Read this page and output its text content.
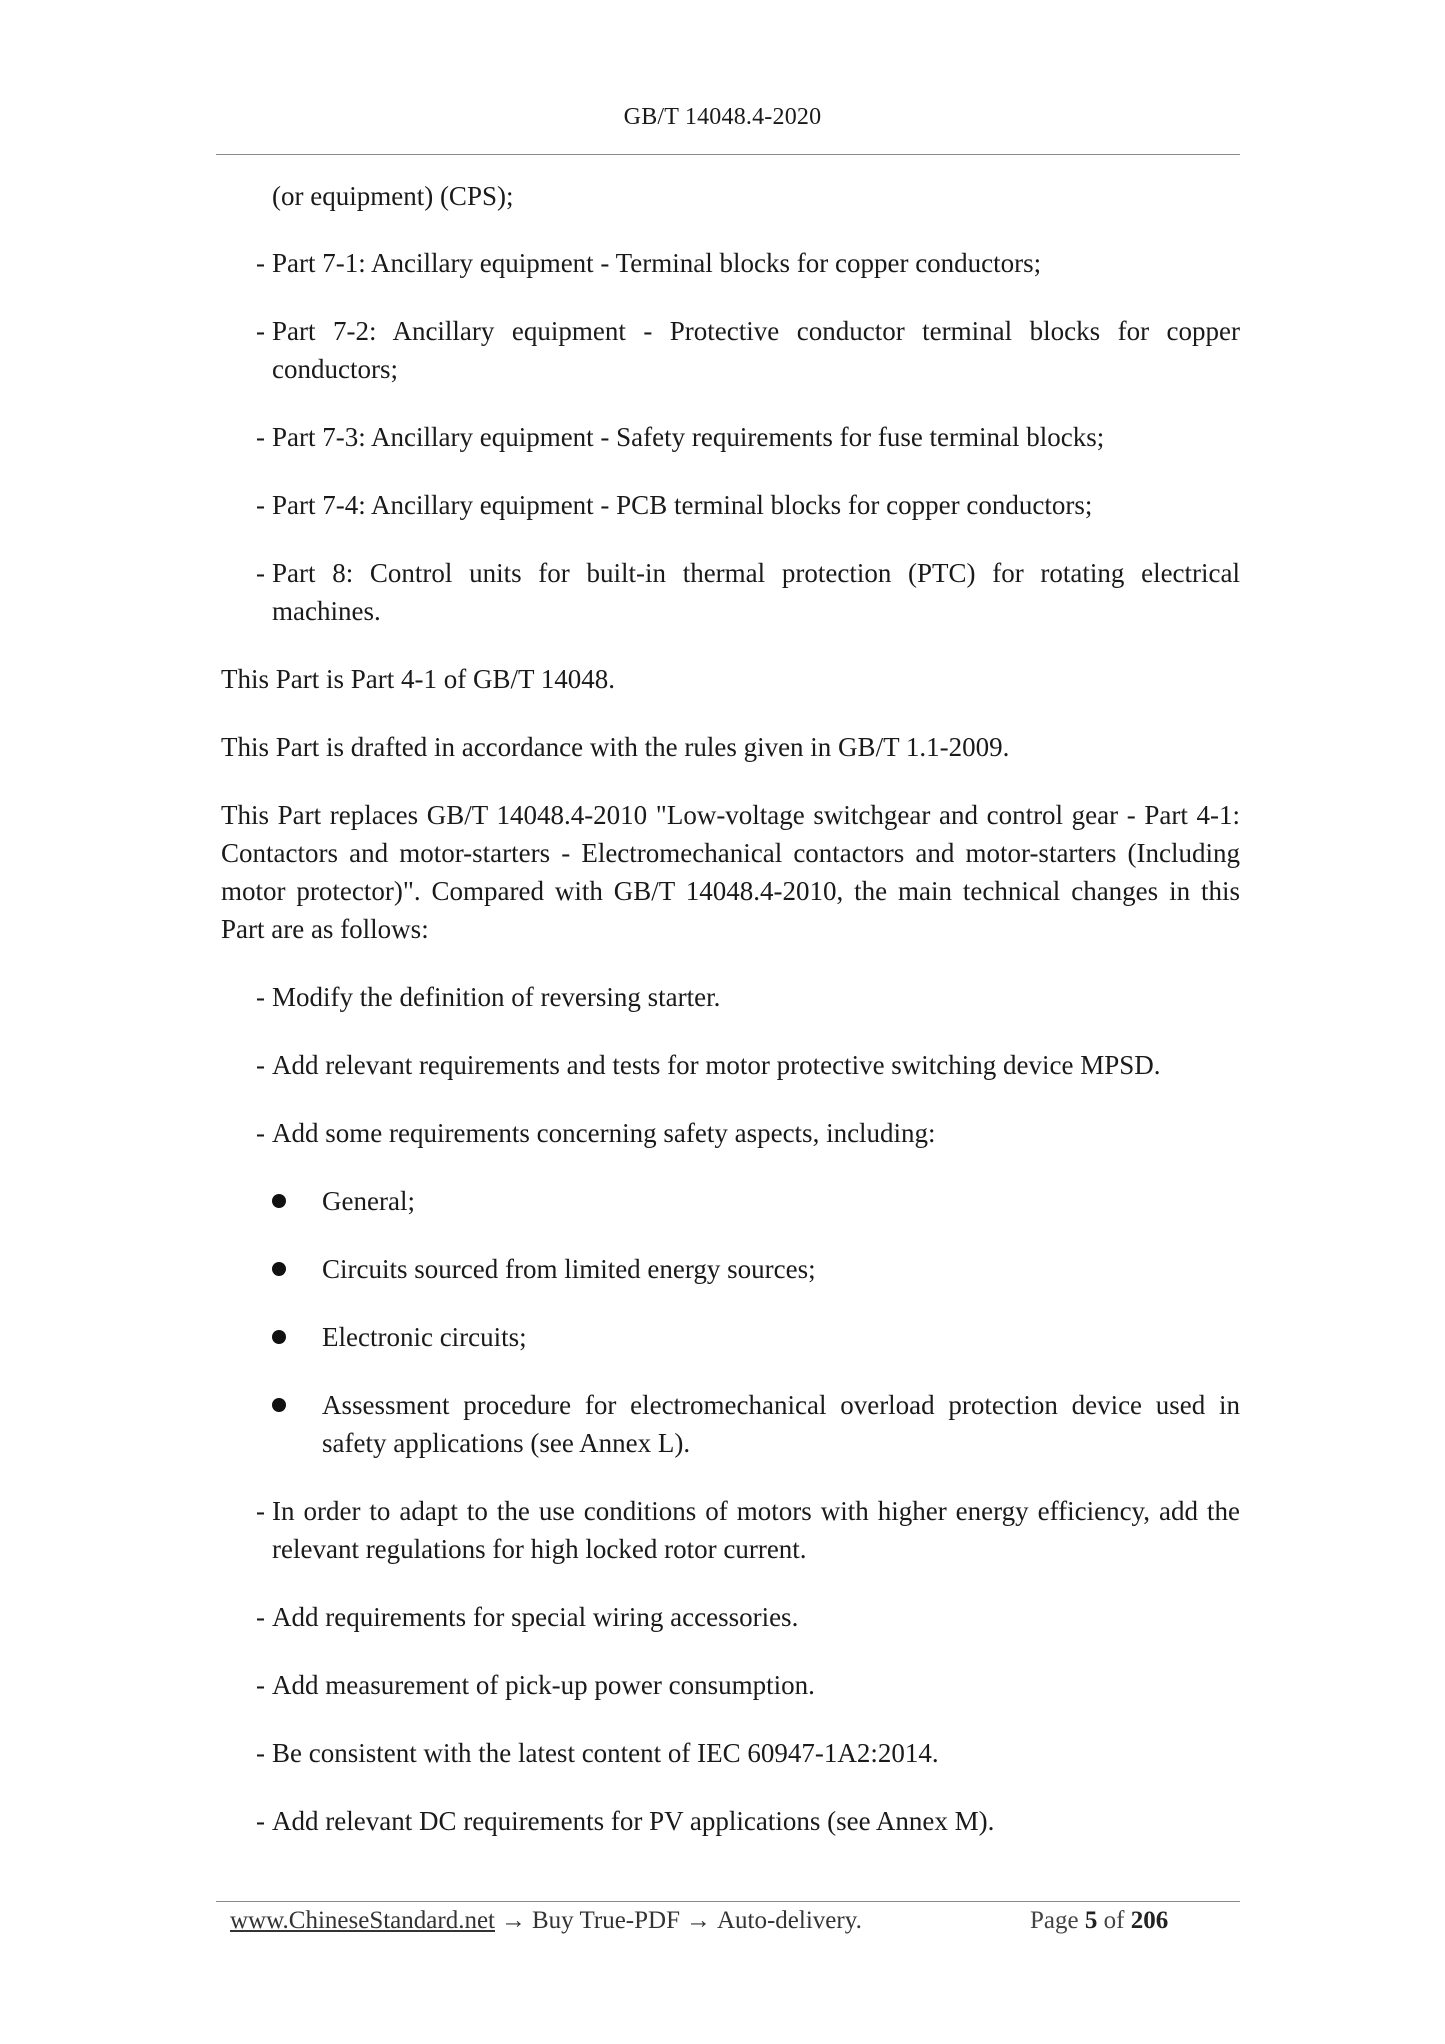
GB/T 14048.4-2020
(or equipment) (CPS);
- Part 7-1: Ancillary equipment - Terminal blocks for copper conductors;
- Part 7-2: Ancillary equipment - Protective conductor terminal blocks for copper conductors;
- Part 7-3: Ancillary equipment - Safety requirements for fuse terminal blocks;
- Part 7-4: Ancillary equipment - PCB terminal blocks for copper conductors;
- Part 8: Control units for built-in thermal protection (PTC) for rotating electrical machines.
This Part is Part 4-1 of GB/T 14048.
This Part is drafted in accordance with the rules given in GB/T 1.1-2009.
This Part replaces GB/T 14048.4-2010 "Low-voltage switchgear and control gear - Part 4-1: Contactors and motor-starters - Electromechanical contactors and motor-starters (Including motor protector)". Compared with GB/T 14048.4-2010, the main technical changes in this Part are as follows:
- Modify the definition of reversing starter.
- Add relevant requirements and tests for motor protective switching device MPSD.
- Add some requirements concerning safety aspects, including:
General;
Circuits sourced from limited energy sources;
Electronic circuits;
Assessment procedure for electromechanical overload protection device used in safety applications (see Annex L).
- In order to adapt to the use conditions of motors with higher energy efficiency, add the relevant regulations for high locked rotor current.
- Add requirements for special wiring accessories.
- Add measurement of pick-up power consumption.
- Be consistent with the latest content of IEC 60947-1A2:2014.
- Add relevant DC requirements for PV applications (see Annex M).
www.ChineseStandard.net → Buy True-PDF → Auto-delivery.	Page 5 of 206
